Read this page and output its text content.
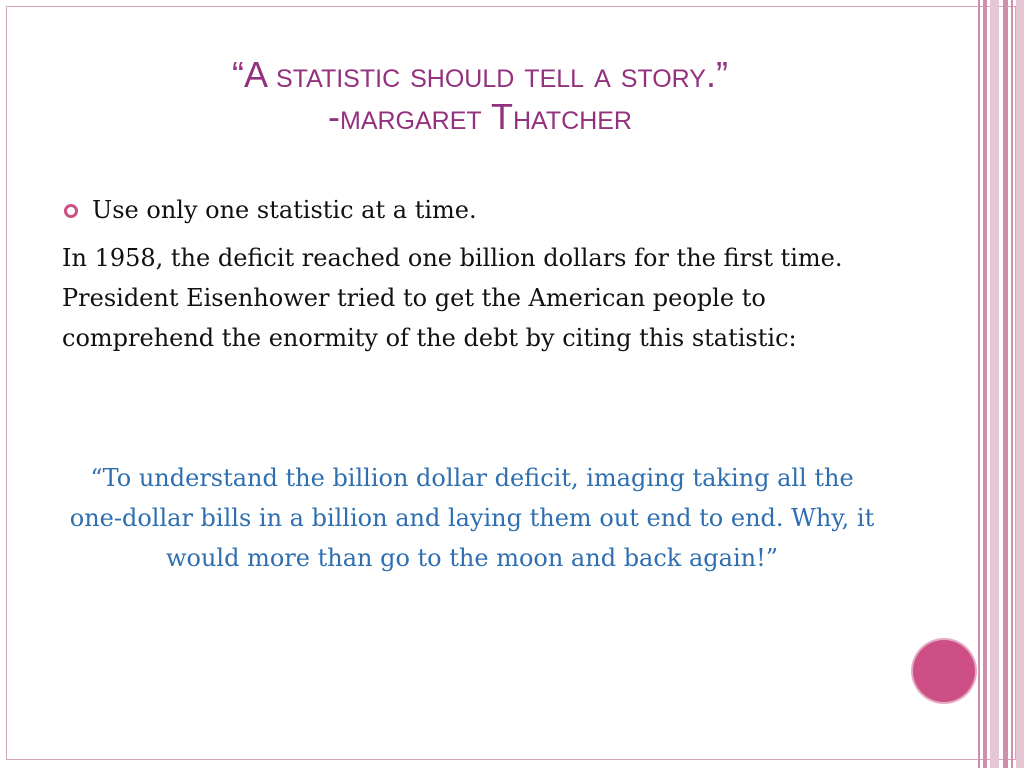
“A statistic should tell a story.”
-margaret Thatcher
Use only one statistic at a time.
In 1958, the deficit reached one billion dollars for the first time. President Eisenhower tried to get the American people to comprehend the enormity of the debt by citing this statistic:
“To understand the billion dollar deficit, imaging taking all the one-dollar bills in a billion and laying them out end to end. Why, it would more than go to the moon and back again!”
